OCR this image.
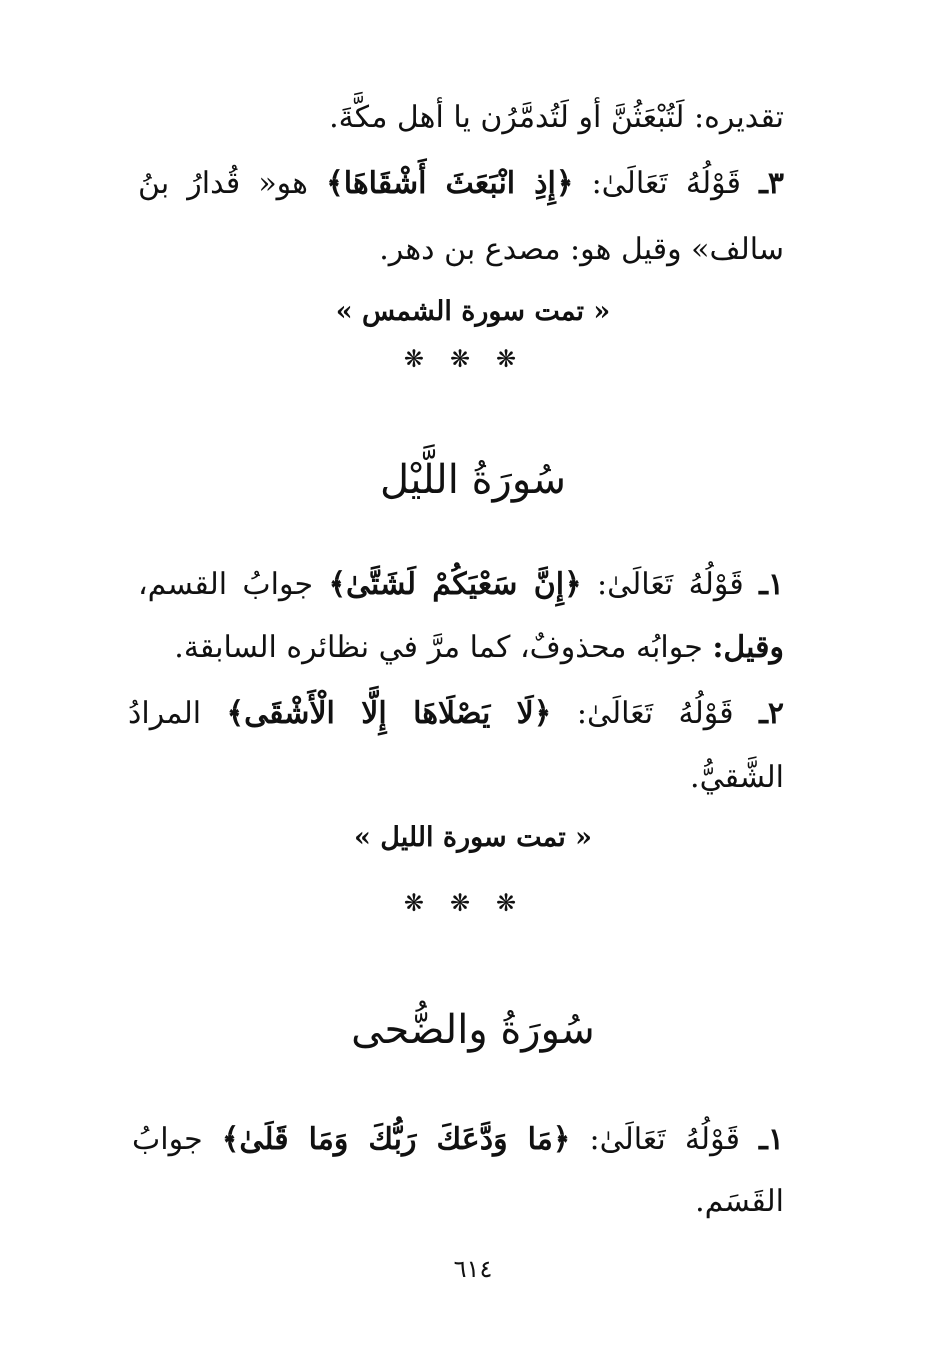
تقديره: لَتُبْعَثُنَّ أو لَتُدمَّرُن يا أهل مكَّةَ.
٣ـ قَوْلُهُ تَعَالَىٰ: ﴿إِذِ انْبَعَثَ أَشْقَاهَا﴾ هو« قُدارُ بنُ
سالف» وقيل هو: مصدع بن دهر.
« تمت سورة الشمس »
❋❋❋
سُورَةُ اللَّيْل
١ـ قَوْلُهُ تَعَالَىٰ: ﴿إِنَّ سَعْيَكُمْ لَشَتَّىٰ﴾ جوابُ القسم،
وقيل: جوابُه محذوفٌ، كما مرَّ في نظائره السابقة.
٢ـ قَوْلُهُ تَعَالَىٰ: ﴿لَا يَصْلَاهَا إِلَّا الْأَشْقَى﴾ المرادُ
الشَّقيُّ.
« تمت سورة الليل »
❋❋❋
سُورَةُ والضُّحى
١ـ قَوْلُهُ تَعَالَىٰ: ﴿مَا وَدَّعَكَ رَبُّكَ وَمَا قَلَىٰ﴾ جوابُ
القَسَم.
٦١٤
